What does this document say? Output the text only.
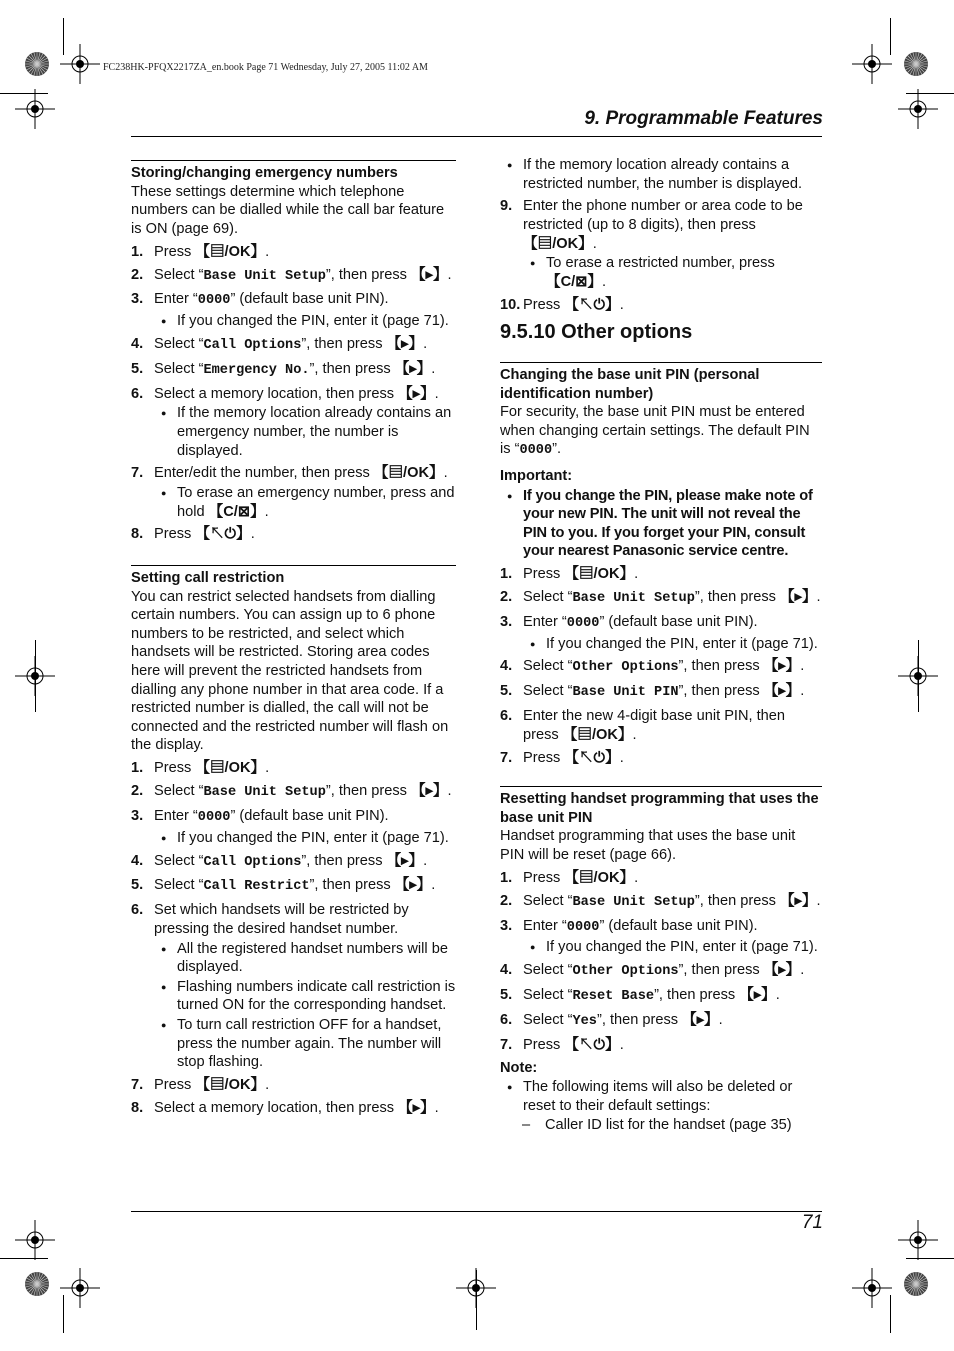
FC238HK-PFQX2217ZA_en.book Page 71 Wednesday, July 27, 2005 11:02 AM
9. Programmable Features

Storing/changing emergency numbers

These settings determine which telephone numbers can be dialled while the call bar feature is ON (page 69).

1. Press 【▤/OK】.
2. Select “Base Unit Setup”, then press 【▸】.
3. Enter “0000” (default base unit PIN).
● If you changed the PIN, enter it (page 71).
4. Select “Call Options”, then press 【▸】.
5. Select “Emergency No.”, then press 【▸】.
6. Select a memory location, then press 【▸】.
● If the memory location already contains an emergency number, the number is displayed.
7. Enter/edit the number, then press 【▤/OK】.
● To erase an emergency number, press and hold 【C/⊠】.
8. Press 【↖⏻】.

Setting call restriction

You can restrict selected handsets from dialling certain numbers. You can assign up to 6 phone numbers to be restricted, and select which handsets will be restricted. Storing area codes here will prevent the restricted handsets from dialling any phone number in that area code. If a restricted number is dialled, the call will not be connected and the restricted number will flash on the display.

1. Press 【▤/OK】.
2. Select “Base Unit Setup”, then press 【▸】.
3. Enter “0000” (default base unit PIN).
● If you changed the PIN, enter it (page 71).
4. Select “Call Options”, then press 【▸】.
5. Select “Call Restrict”, then press 【▸】.
6. Set which handsets will be restricted by pressing the desired handset number.
● All the registered handset numbers will be displayed.
● Flashing numbers indicate call restriction is turned ON for the corresponding handset.
● To turn call restriction OFF for a handset, press the number again. The number will stop flashing.
7. Press 【▤/OK】.
8. Select a memory location, then press 【▸】.
● If the memory location already contains a restricted number, the number is displayed.
9. Enter the phone number or area code to be restricted (up to 8 digits), then press 【▤/OK】.
● To erase a restricted number, press 【C/⊠】.
10. Press 【↖⏻】.
9.5.10 Other options

Changing the base unit PIN (personal identification number)

For security, the base unit PIN must be entered when changing certain settings. The default PIN is “0000”.

Important:

● If you change the PIN, please make note of your new PIN. The unit will not reveal the PIN to you. If you forget your PIN, consult your nearest Panasonic service centre.
1. Press 【▤/OK】.
2. Select “Base Unit Setup”, then press 【▸】.
3. Enter “0000” (default base unit PIN).
● If you changed the PIN, enter it (page 71).
4. Select “Other Options”, then press 【▸】.
5. Select “Base Unit PIN”, then press 【▸】.
6. Enter the new 4-digit base unit PIN, then press 【▤/OK】.
7. Press 【↖⏻】.

Resetting handset programming that uses the base unit PIN

Handset programming that uses the base unit PIN will be reset (page 66).

1. Press 【▤/OK】.
2. Select “Base Unit Setup”, then press 【▸】.
3. Enter “0000” (default base unit PIN).
● If you changed the PIN, enter it (page 71).
4. Select “Other Options”, then press 【▸】.
5. Select “Reset Base”, then press 【▸】.
6. Select “Yes”, then press 【▸】.
7. Press 【↖⏻】.

Note:

● The following items will also be deleted or reset to their default settings:
– Caller ID list for the handset (page 35)
71
